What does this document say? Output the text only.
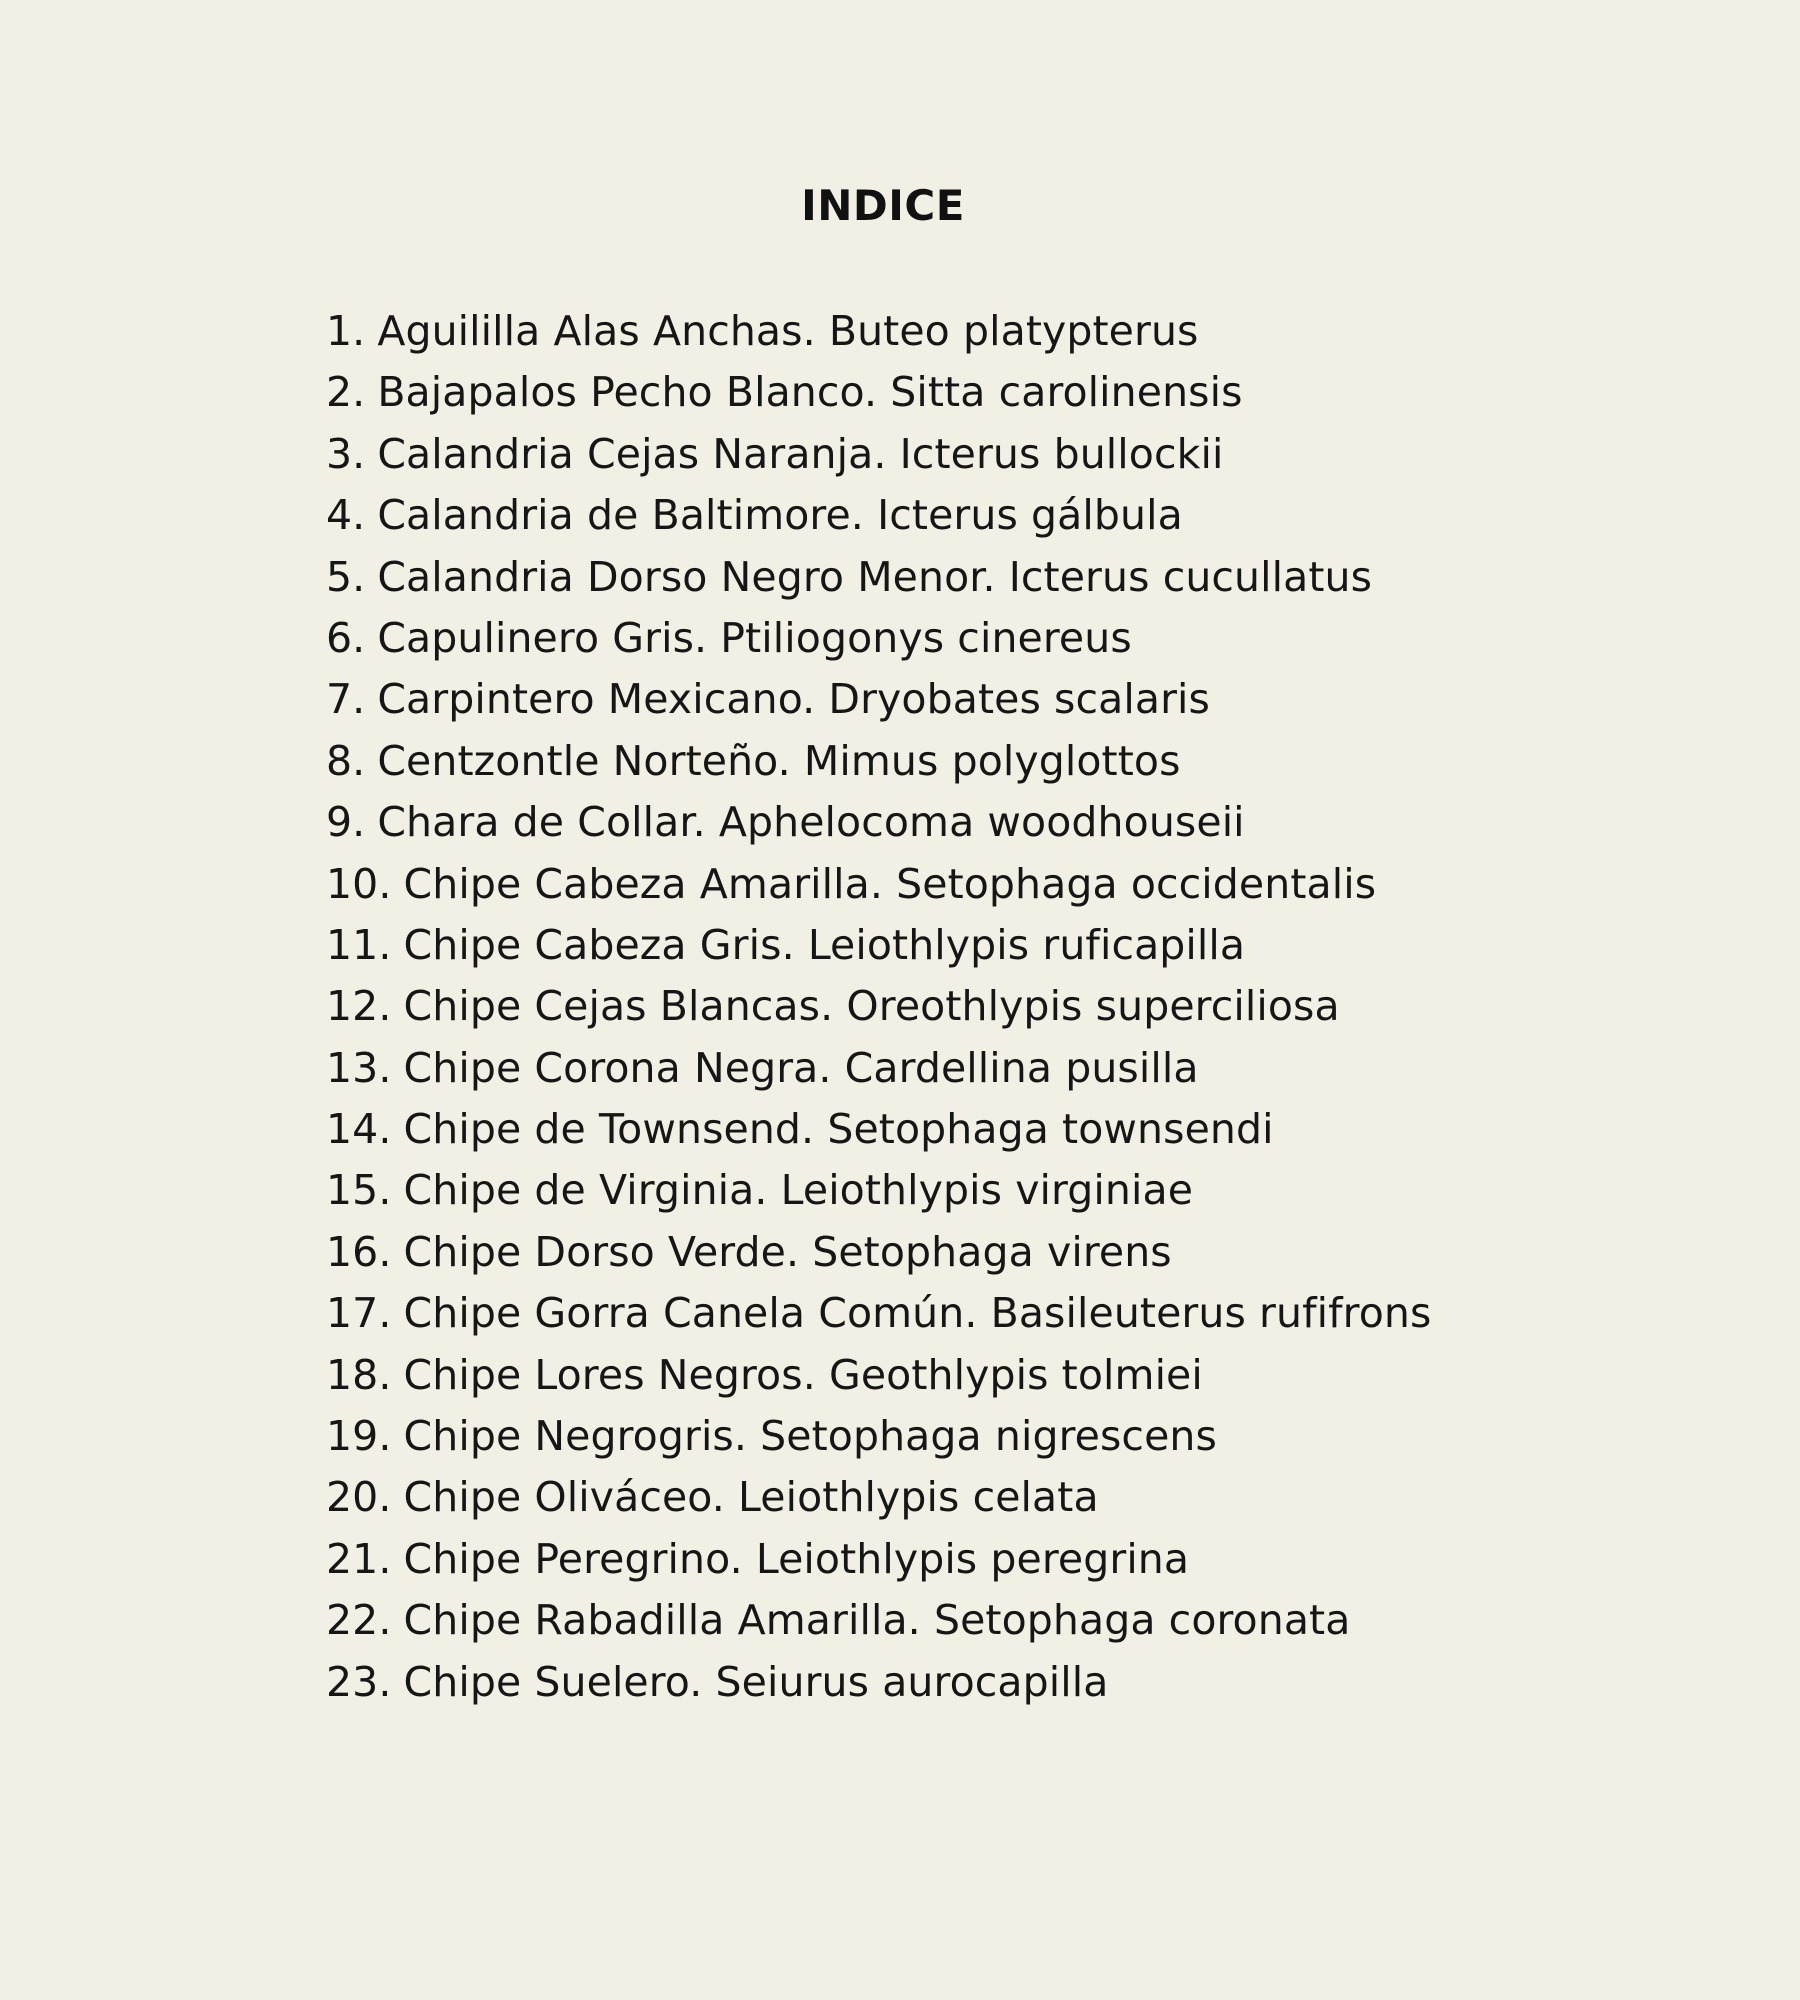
INDICE
1. Aguililla Alas Anchas. Buteo platypterus
2. Bajapalos Pecho Blanco. Sitta carolinensis
3. Calandria Cejas Naranja. Icterus bullockii
4. Calandria de Baltimore. Icterus gálbula
5. Calandria Dorso Negro Menor. Icterus cucullatus
6. Capulinero Gris. Ptiliogonys cinereus
7. Carpintero Mexicano. Dryobates scalaris
8. Centzontle Norteño. Mimus polyglottos
9. Chara de Collar. Aphelocoma woodhouseii
10. Chipe Cabeza Amarilla. Setophaga occidentalis
11. Chipe Cabeza Gris. Leiothlypis ruficapilla
12. Chipe Cejas Blancas. Oreothlypis superciliosa
13. Chipe Corona Negra. Cardellina pusilla
14. Chipe de Townsend. Setophaga townsendi
15. Chipe de Virginia. Leiothlypis virginiae
16. Chipe Dorso Verde. Setophaga virens
17. Chipe Gorra Canela Común. Basileuterus rufifrons
18. Chipe Lores Negros. Geothlypis tolmiei
19. Chipe Negrogris. Setophaga nigrescens
20. Chipe Oliváceo. Leiothlypis celata
21. Chipe Peregrino. Leiothlypis peregrina
22. Chipe Rabadilla Amarilla. Setophaga coronata
23. Chipe Suelero. Seiurus aurocapilla
